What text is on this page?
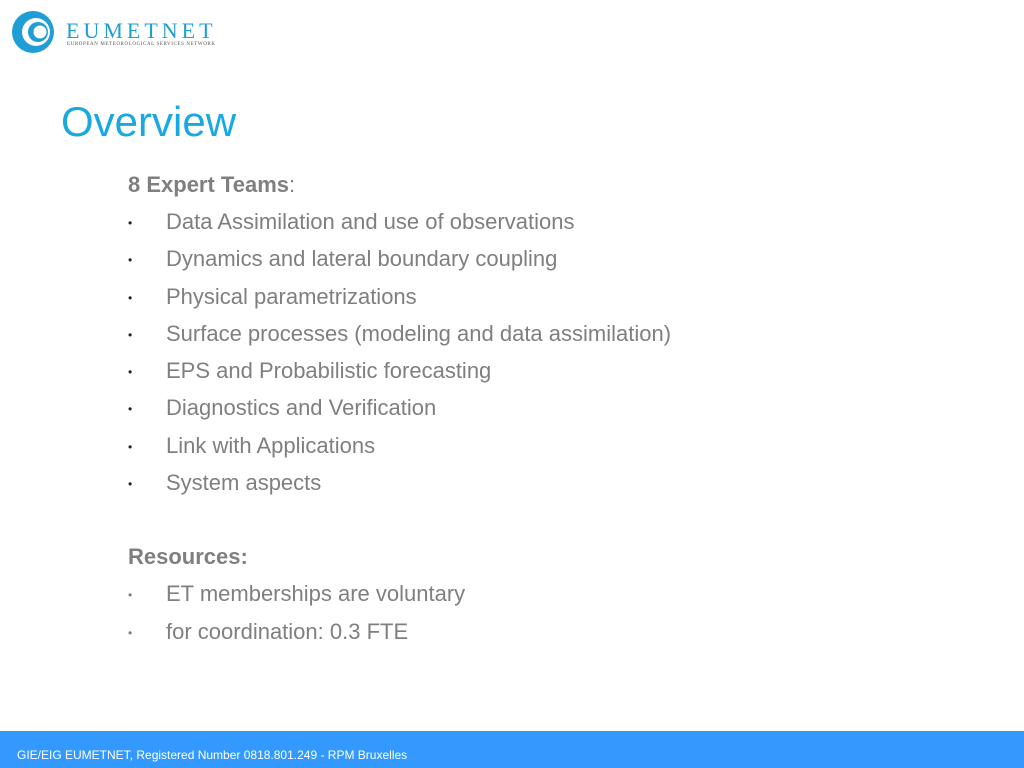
EUMETNET
EUROPEAN METEOROLOGICAL SERVICES NETWORK
Overview
8 Expert Teams:
• Data Assimilation and use of observations
• Dynamics and lateral boundary coupling
• Physical parametrizations
• Surface processes (modeling and data assimilation)
• EPS and Probabilistic forecasting
• Diagnostics and Verification
• Link with Applications
• System aspects
Resources:
• ET memberships are voluntary
• for coordination: 0.3 FTE
GIE/EIG EUMETNET, Registered Number 0818.801.249 - RPM Bruxelles
